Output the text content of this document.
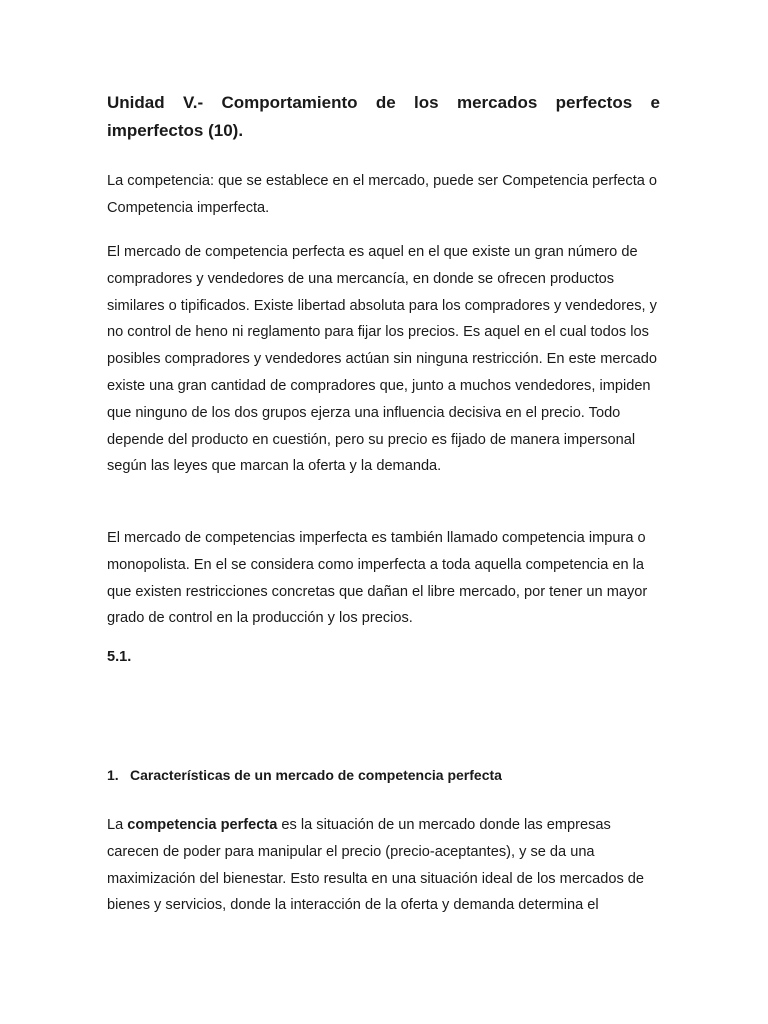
Unidad V.- Comportamiento de los mercados perfectos e imperfectos (10).

La competencia: que se establece en el mercado, puede ser Competencia perfecta o Competencia imperfecta.

El mercado de competencia perfecta es aquel en el que existe un gran número de compradores y vendedores de una mercancía, en donde se ofrecen productos similares o tipificados. Existe libertad absoluta para los compradores y vendedores, y no control de heno ni reglamento para fijar los precios. Es aquel en el cual todos los posibles compradores y vendedores actúan sin ninguna restricción. En este mercado existe una gran cantidad de compradores que, junto a muchos vendedores, impiden que ninguno de los dos grupos ejerza una influencia decisiva en el precio. Todo depende del producto en cuestión, pero su precio es fijado de manera impersonal según las leyes que marcan la oferta y la demanda.

El mercado de competencias imperfecta es también llamado competencia impura o monopolista. En el se considera como imperfecta a toda aquella competencia en la que existen restricciones concretas que dañan el libre mercado, por tener un mayor grado de control en la producción y los precios.

5.1.

1. Características de un mercado de competencia perfecta

La competencia perfecta es la situación de un mercado donde las empresas carecen de poder para manipular el precio (precio-aceptantes), y se da una maximización del bienestar. Esto resulta en una situación ideal de los mercados de bienes y servicios, donde la interacción de la oferta y demanda determina el
